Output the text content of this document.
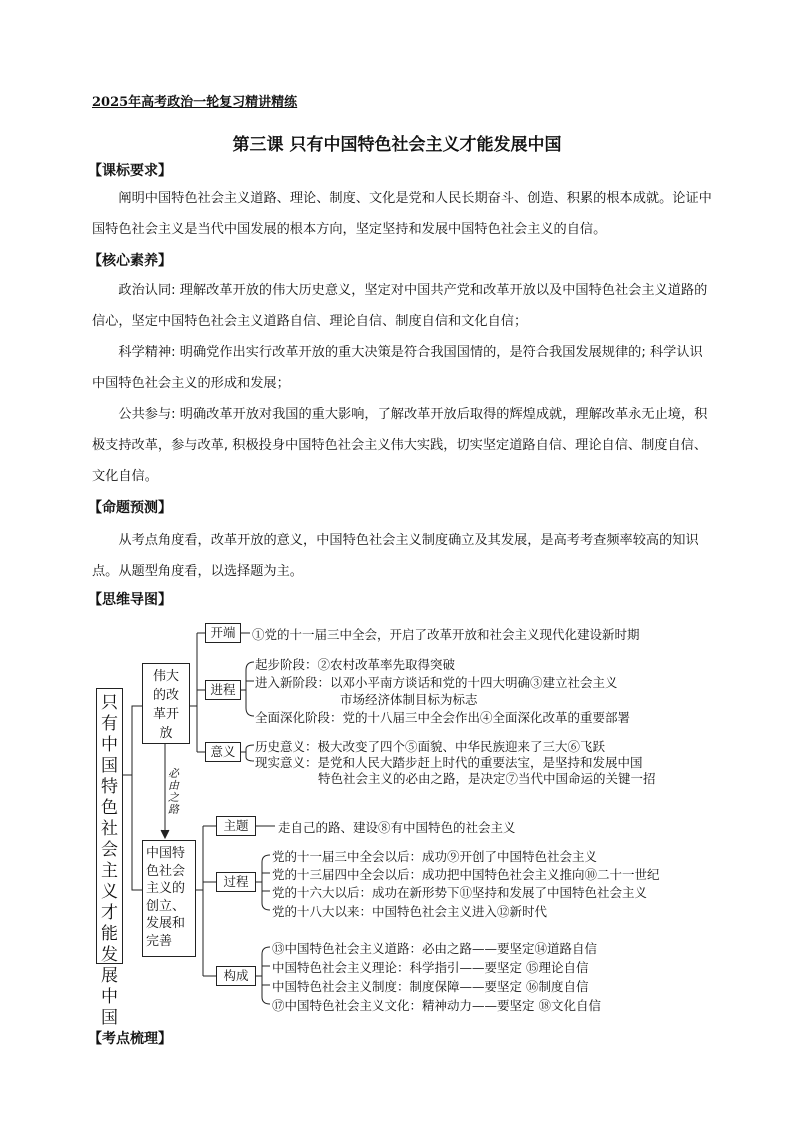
2025年高考政治一轮复习精讲精练
第三课 只有中国特色社会主义才能发展中国
【课标要求】
阐明中国特色社会主义道路、理论、制度、文化是党和人民长期奋斗、创造、积累的根本成就。论证中国特色社会主义是当代中国发展的根本方向，坚定坚持和发展中国特色社会主义的自信。
【核心素养】
政治认同: 理解改革开放的伟大历史意义，坚定对中国共产党和改革开放以及中国特色社会主义道路的信心，坚定中国特色社会主义道路自信、理论自信、制度自信和文化自信；
科学精神: 明确党作出实行改革开放的重大决策是符合我国国情的，是符合我国发展规律的; 科学认识中国特色社会主义的形成和发展；
公共参与: 明确改革开放对我国的重大影响，了解改革开放后取得的辉煌成就，理解改革永无止境，积极支持改革，参与改革, 积极投身中国特色社会主义伟大实践，切实坚定道路自信、理论自信、制度自信、文化自信。
【命题预测】
从考点角度看，改革开放的意义，中国特色社会主义制度确立及其发展，是高考考查频率较高的知识点。从题型角度看，以选择题为主。
【思维导图】
只有中国特色社会主义才能发展中国
伟大的改革开放
必由之路
中国特色社会主义的创立、发展和完善
开端	①党的十一届三中全会，开启了改革开放和社会主义现代化建设新时期
进程
起步阶段：②农村改革率先取得突破
进入新阶段：以邓小平南方谈话和党的十四大明确③建立社会主义
市场经济体制目标为标志
全面深化阶段：党的十八届三中全会作出④全面深化改革的重要部署
意义	历史意义：极大改变了四个⑤面貌、中华民族迎来了三大⑥飞跃
现实意义：是党和人民大踏步赶上时代的重要法宝，是坚持和发展中国
特色社会主义的必由之路，是决定⑦当代中国命运的关键一招
主题	走自己的路、建设⑧有中国特色的社会主义
过程
党的十一届三中全会以后：成功⑨开创了中国特色社会主义
党的十三届四中全会以后：成功把中国特色社会主义推向⑩二十一世纪
党的十六大以后：成功在新形势下⑪坚持和发展了中国特色社会主义
党的十八大以来：中国特色社会主义进入⑫新时代
构成
⑬中国特色社会主义道路：必由之路——要坚定⑭道路自信
中国特色社会主义理论：科学指引——要坚定 ⑮理论自信
中国特色社会主义制度：制度保障——要坚定 ⑯制度自信
⑰中国特色社会主义文化：精神动力——要坚定 ⑱文化自信
【考点梳理】
